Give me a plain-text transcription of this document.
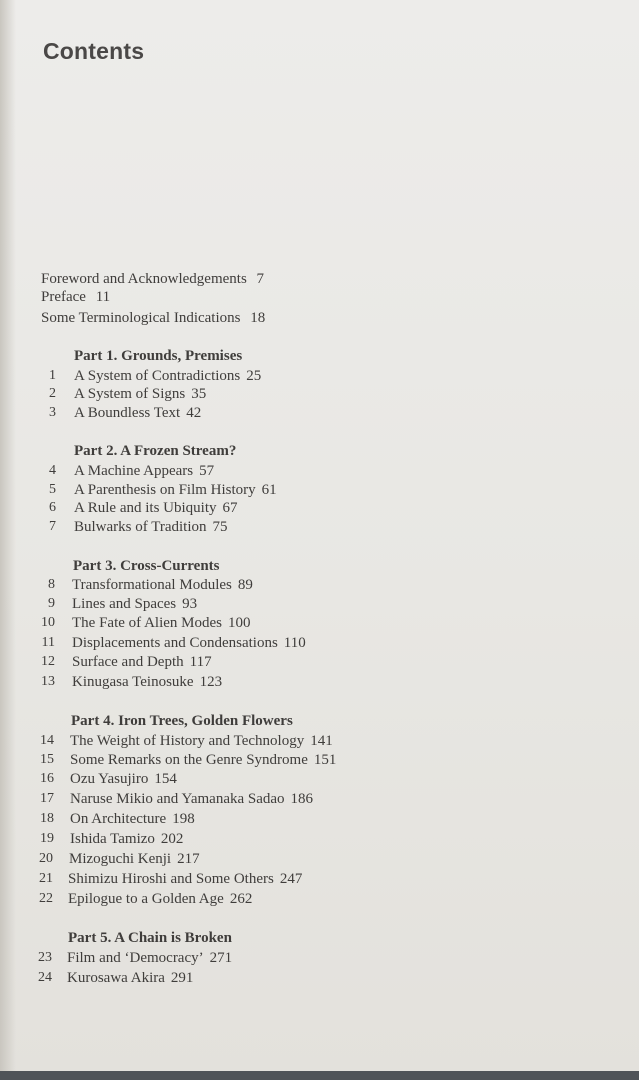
Contents
Foreword and Acknowledgements 7
Preface 11
Some Terminological Indications 18
Part 1. Grounds, Premises
1 A System of Contradictions 25
2 A System of Signs 35
3 A Boundless Text 42
Part 2. A Frozen Stream?
4 A Machine Appears 57
5 A Parenthesis on Film History 61
6 A Rule and its Ubiquity 67
7 Bulwarks of Tradition 75
Part 3. Cross-Currents
8 Transformational Modules 89
9 Lines and Spaces 93
10 The Fate of Alien Modes 100
11 Displacements and Condensations 110
12 Surface and Depth 117
13 Kinugasa Teinosuke 123
Part 4. Iron Trees, Golden Flowers
14 The Weight of History and Technology 141
15 Some Remarks on the Genre Syndrome 151
16 Ozu Yasujiro 154
17 Naruse Mikio and Yamanaka Sadao 186
18 On Architecture 198
19 Ishida Tamizo 202
20 Mizoguchi Kenji 217
21 Shimizu Hiroshi and Some Others 247
22 Epilogue to a Golden Age 262
Part 5. A Chain is Broken
23 Film and ‘Democracy’ 271
24 Kurosawa Akira 291
